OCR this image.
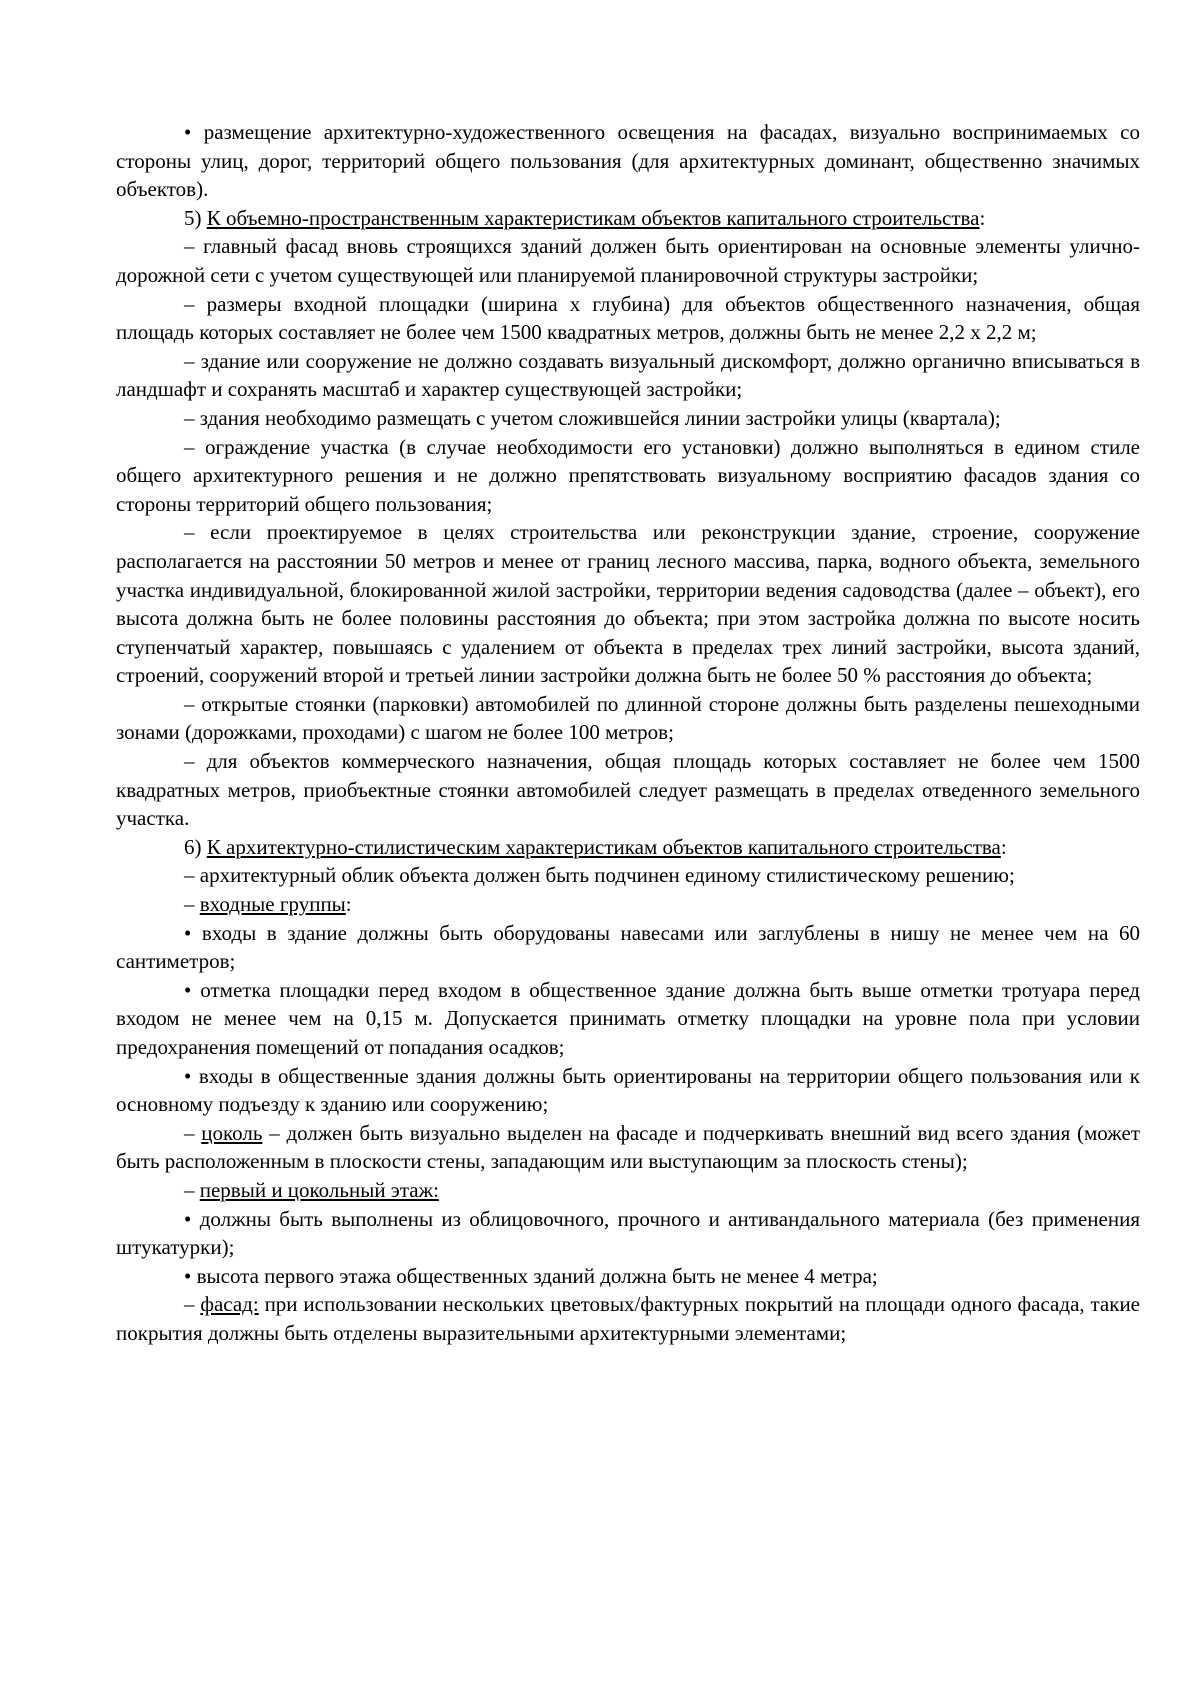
• размещение архитектурно-художественного освещения на фасадах, визуально воспринимаемых со стороны улиц, дорог, территорий общего пользования (для архитектурных доминант, общественно значимых объектов).

5) К объемно-пространственным характеристикам объектов капитального строительства:

– главный фасад вновь строящихся зданий должен быть ориентирован на основные элементы улично-дорожной сети с учетом существующей или планируемой планировочной структуры застройки;

– размеры входной площадки (ширина х глубина) для объектов общественного назначения, общая площадь которых составляет не более чем 1500 квадратных метров, должны быть не менее 2,2 х 2,2 м;

– здание или сооружение не должно создавать визуальный дискомфорт, должно органично вписываться в ландшафт и сохранять масштаб и характер существующей застройки;

– здания необходимо размещать с учетом сложившейся линии застройки улицы (квартала);

– ограждение участка (в случае необходимости его установки) должно выполняться в едином стиле общего архитектурного решения и не должно препятствовать визуальному восприятию фасадов здания со стороны территорий общего пользования;

– если проектируемое в целях строительства или реконструкции здание, строение, сооружение располагается на расстоянии 50 метров и менее от границ лесного массива, парка, водного объекта, земельного участка индивидуальной, блокированной жилой застройки, территории ведения садоводства (далее – объект), его высота должна быть не более половины расстояния до объекта; при этом застройка должна по высоте носить ступенчатый характер, повышаясь с удалением от объекта в пределах трех линий застройки, высота зданий, строений, сооружений второй и третьей линии застройки должна быть не более 50 % расстояния до объекта;

– открытые стоянки (парковки) автомобилей по длинной стороне должны быть разделены пешеходными зонами (дорожками, проходами) с шагом не более 100 метров;

– для объектов коммерческого назначения, общая площадь которых составляет не более чем 1500 квадратных метров, приобъектные стоянки автомобилей следует размещать в пределах отведенного земельного участка.

6) К архитектурно-стилистическим характеристикам объектов капитального строительства:

– архитектурный облик объекта должен быть подчинен единому стилистическому решению;

– входные группы:

• входы в здание должны быть оборудованы навесами или заглублены в нишу не менее чем на 60 сантиметров;

• отметка площадки перед входом в общественное здание должна быть выше отметки тротуара перед входом не менее чем на 0,15 м. Допускается принимать отметку площадки на уровне пола при условии предохранения помещений от попадания осадков;

• входы в общественные здания должны быть ориентированы на территории общего пользования или к основному подъезду к зданию или сооружению;

– цоколь – должен быть визуально выделен на фасаде и подчеркивать внешний вид всего здания (может быть расположенным в плоскости стены, западающим или выступающим за плоскость стены);

– первый и цокольный этаж:

• должны быть выполнены из облицовочного, прочного и антивандального материала (без применения штукатурки);

• высота первого этажа общественных зданий должна быть не менее 4 метра;

– фасад: при использовании нескольких цветовых/фактурных покрытий на площади одного фасада, такие покрытия должны быть отделены выразительными архитектурными элементами;
